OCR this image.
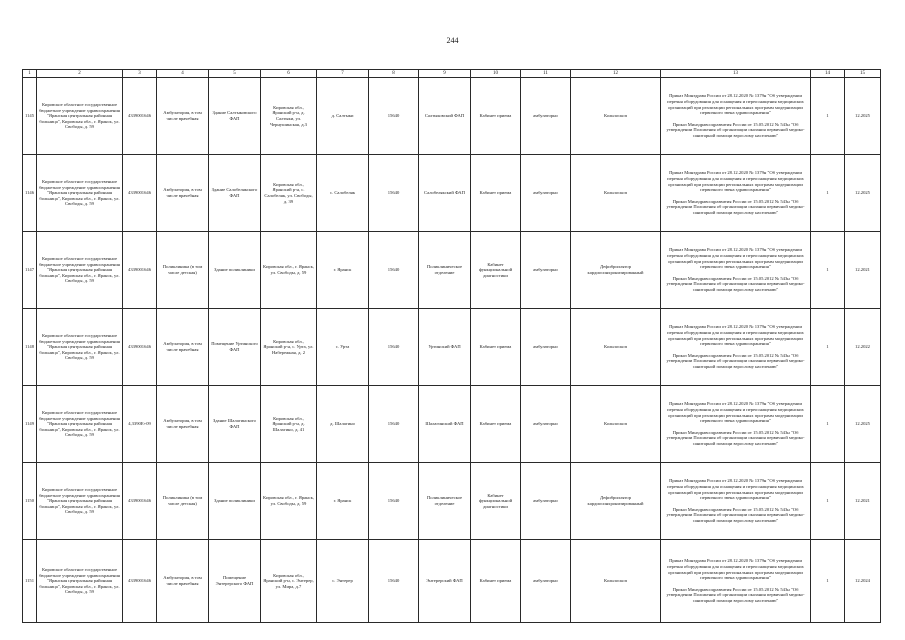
244
1	2	3	4	5	6	7	8	9	10	11	12	13	14	15
1145	Кировское областное государственное бюджетное учреждение здравоохранения "Яранская центральная районная больница", Кировская обл., г. Яранск, ул. Свободы, д. 59	4339001646	Амбулатория, в том числе врачебная	Здание Салтыковского ФАП	Кировская обл., Яранский р-н, д. Салтыки, ул. Чернушинская, д.3	д. Салтыки	15640	Салтыковский ФАП	Кабинет приема	амбулаторно	Кольпоскоп	Приказ Минздрава России от 28.12.2020 № 1379н "Об утверждении перечня оборудования для оснащения и переоснащения медицинских организаций при реализации региональных программ модернизации первичного звена здравоохранения"
Приказ Минздравсоцразвития России от 15.05.2012 № 543н "Об утверждении Положения об организации оказания первичной медико-санитарной помощи взрослому населению"	1	12.2025
1146	Кировское областное государственное бюджетное учреждение здравоохранения "Яранская центральная районная больница", Кировская обл., г. Яранск, ул. Свободы, д. 59	4339001646	Амбулатория, в том числе врачебная	Здание Салобелякского ФАП	Кировская обл., Яранский р-н, с. Салобеляк, ул. Свободы, д. 39	с. Салобеляк	15640	Салобелякский ФАП	Кабинет приема	амбулаторно	Кольпоскоп	Приказ Минздрава России от 28.12.2020 № 1379н "Об утверждении перечня оборудования для оснащения и переоснащения медицинских организаций при реализации региональных программ модернизации первичного звена здравоохранения"
Приказ Минздравсоцразвития России от 15.05.2012 № 543н "Об утверждении Положения об организации оказания первичной медико-санитарной помощи взрослому населению"	1	12.2025
1147	Кировское областное государственное бюджетное учреждение здравоохранения "Яранская центральная районная больница", Кировская обл., г. Яранск, ул. Свободы, д. 59	4339001646	Поликлиника (в том числе детская)	Здание поликлиники	Кировская обл., г. Яранск, ул. Свободы, д. 59	г. Яранск	15640	Поликлиническое отделение	Кабинет функциональной диагностики	амбулаторно	Дефибриллятор кардиосинхронизированный	Приказ Минздрава России от 28.12.2020 № 1379н "Об утверждении перечня оборудования для оснащения и переоснащения медицинских организаций при реализации региональных программ модернизации первичного звена здравоохранения"
Приказ Минздравсоцразвития России от 15.05.2012 № 543н "Об утверждении Положения об организации оказания первичной медико-санитарной помощи взрослому населению"	1	12.2021
1148	Кировское областное государственное бюджетное учреждение здравоохранения "Яранская центральная районная больница", Кировская обл., г. Яранск, ул. Свободы, д. 59	4339001646	Амбулатория, в том числе врачебная	Помещение Уртинского ФАП	Кировская обл., Яранский р-н, с. Урта, ул. Набережная, д. 2	с. Урта	15640	Уртинский ФАП	Кабинет приема	амбулаторно	Кольпоскоп	Приказ Минздрава России от 28.12.2020 № 1379н "Об утверждении перечня оборудования для оснащения и переоснащения медицинских организаций при реализации региональных программ модернизации первичного звена здравоохранения"
Приказ Минздравсоцразвития России от 15.05.2012 № 543н "Об утверждении Положения об организации оказания первичной медико-санитарной помощи взрослому населению"	1	12.2022
1149	Кировское областное государственное бюджетное учреждение здравоохранения "Яранская центральная районная больница", Кировская обл., г. Яранск, ул. Свободы, д. 59	4,3390E+09	Амбулатория, в том числе врачебная	Здание Шалагинского ФАП	Кировская обл., Яранский р-н, д. Шалагино, д. 41	д. Шалагино	15640	Шалагинский ФАП	Кабинет приема	амбулаторно	Кольпоскоп	Приказ Минздрава России от 28.12.2020 № 1379н "Об утверждении перечня оборудования для оснащения и переоснащения медицинских организаций при реализации региональных программ модернизации первичного звена здравоохранения"
Приказ Минздравсоцразвития России от 15.05.2012 № 543н "Об утверждении Положения об организации оказания первичной медико-санитарной помощи взрослому населению"	1	12.2025
1150	Кировское областное государственное бюджетное учреждение здравоохранения "Яранская центральная районная больница", Кировская обл., г. Яранск, ул. Свободы, д. 59	4339001646	Поликлиника (в том числе детская)	Здание поликлиники	Кировская обл., г. Яранск, ул. Свободы, д. 59	г. Яранск	15640	Поликлиническое отделение	Кабинет функциональной диагностики	амбулаторно	Дефибриллятор кардиосинхронизированный	Приказ Минздрава России от 28.12.2020 № 1379н "Об утверждении перечня оборудования для оснащения и переоснащения медицинских организаций при реализации региональных программ модернизации первичного звена здравоохранения"
Приказ Минздравсоцразвития России от 15.05.2012 № 543н "Об утверждении Положения об организации оказания первичной медико-санитарной помощи взрослому населению"	1	12.2021
1151	Кировское областное государственное бюджетное учреждение здравоохранения "Яранская центральная районная больница", Кировская обл., г. Яранск, ул. Свободы, д. 59	4339001646	Амбулатория, в том числе врачебная	Помещение Энтерерского ФАП	Кировская обл., Яранский р-н, с. Энтерер, ул. Мира, д.7	с. Энтерер	15640	Энтерерский ФАП	Кабинет приема	амбулаторно	Кольпоскоп	Приказ Минздрава России от 28.12.2020 № 1379н "Об утверждении перечня оборудования для оснащения и переоснащения медицинских организаций при реализации региональных программ модернизации первичного звена здравоохранения"
Приказ Минздравсоцразвития России от 15.05.2012 № 543н "Об утверждении Положения об организации оказания первичной медико-санитарной помощи взрослому населению"	1	12.2024
